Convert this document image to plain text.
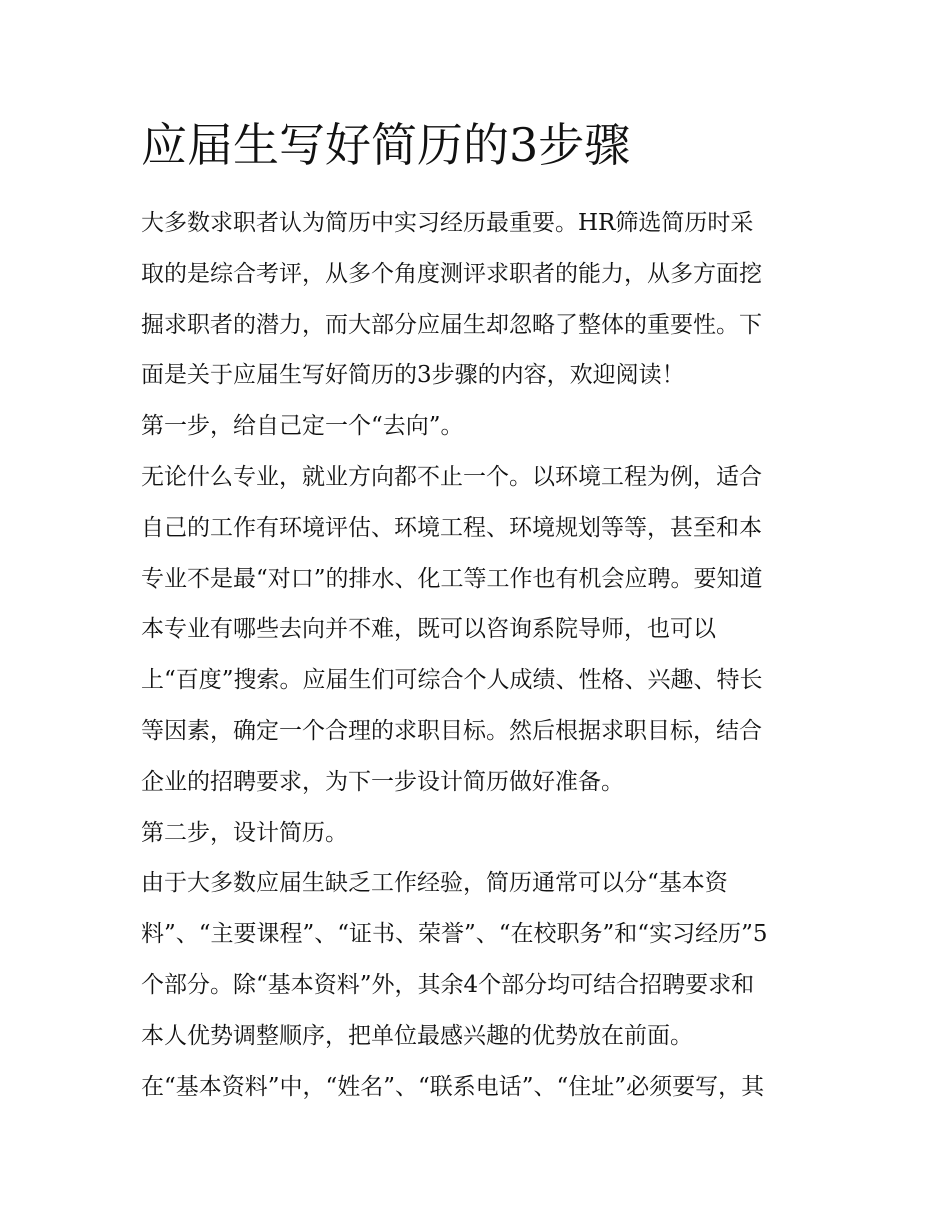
应届生写好简历的3步骤
大多数求职者认为简历中实习经历最重要。HR筛选简历时采
取的是综合考评，从多个角度测评求职者的能力，从多方面挖
掘求职者的潜力，而大部分应届生却忽略了整体的重要性。下
面是关于应届生写好简历的3步骤的内容，欢迎阅读！
第一步，给自己定一个“去向”。
无论什么专业，就业方向都不止一个。以环境工程为例，适合
自己的工作有环境评估、环境工程、环境规划等等，甚至和本
专业不是最“对口”的排水、化工等工作也有机会应聘。要知道
本专业有哪些去向并不难，既可以咨询系院导师，也可以
上“百度”搜索。应届生们可综合个人成绩、性格、兴趣、特长
等因素，确定一个合理的求职目标。然后根据求职目标，结合
企业的招聘要求，为下一步设计简历做好准备。
第二步，设计简历。
由于大多数应届生缺乏工作经验，简历通常可以分“基本资
料”、“主要课程”、“证书、荣誉”、“在校职务”和“实习经历”5
个部分。除“基本资料”外，其余4个部分均可结合招聘要求和
本人优势调整顺序，把单位最感兴趣的优势放在前面。
在“基本资料”中，“姓名”、“联系电话”、“住址”必须要写，其
